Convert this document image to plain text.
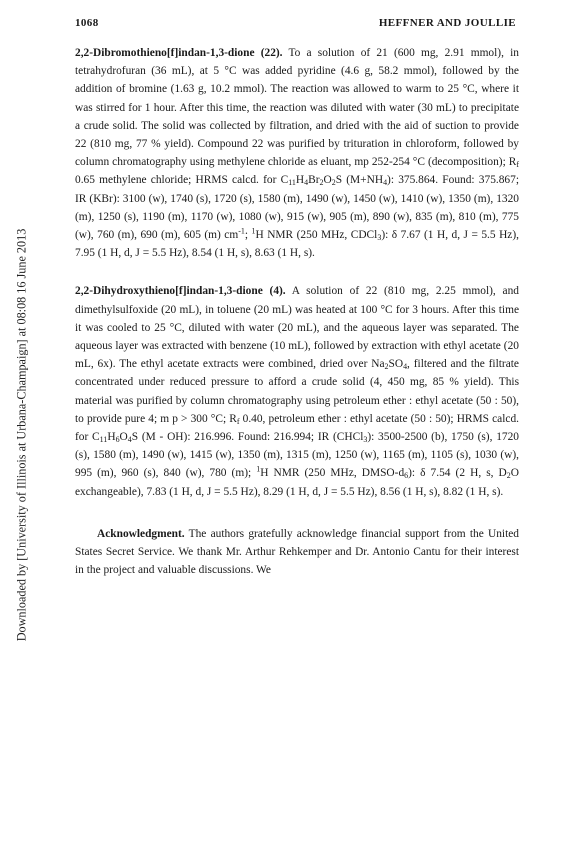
Downloaded by [University of Illinois at Urbana-Champaign] at 08:08 16 June 2013
1068	HEFFNER AND JOULLIE

2,2-Dibromothieno[f]indan-1,3-dione (22). To a solution of 21 (600 mg, 2.91 mmol), in tetrahydrofuran (36 mL), at 5 °C was added pyridine (4.6 g, 58.2 mmol), followed by the addition of bromine (1.63 g, 10.2 mmol). The reaction was allowed to warm to 25 °C, where it was stirred for 1 hour. After this time, the reaction was diluted with water (30 mL) to precipitate a crude solid. The solid was collected by filtration, and dried with the aid of suction to provide 22 (810 mg, 77 % yield). Compound 22 was purified by trituration in chloroform, followed by column chromatography using methylene chloride as eluant, mp 252-254 °C (decomposition); $R_f$ 0.65 methylene chloride; HRMS calcd. for $C_{11}H_4Br_2O_2S$ $(M+NH_4)$: 375.864. Found: 375.867; IR (KBr): 3100 (w), 1740 (s), 1720 (s), 1580 (m), 1490 (w), 1450 (w), 1410 (w), 1350 (m), 1320 (m), 1250 (s), 1190 (m), 1170 (w), 1080 (w), 915 (w), 905 (m), 890 (w), 835 (m), 810 (m), 775 (w), 760 (m), 690 (m), 605 (m) $cm^{-1}$; $^1$H NMR (250 MHz, CDCl$_3$): δ 7.67 (1 H, d, J = 5.5 Hz), 7.95 (1 H, d, J = 5.5 Hz), 8.54 (1 H, s), 8.63 (1 H, s).

2,2-Dihydroxythieno[f]indan-1,3-dione (4). A solution of 22 (810 mg, 2.25 mmol), and dimethylsulfoxide (20 mL), in toluene (20 mL) was heated at 100 °C for 3 hours. After this time it was cooled to 25 °C, diluted with water (20 mL), and the aqueous layer was separated. The aqueous layer was extracted with benzene (10 mL), followed by extraction with ethyl acetate (20 mL, 6x). The ethyl acetate extracts were combined, dried over $Na_2SO_4$, filtered and the filtrate concentrated under reduced pressure to afford a crude solid (4, 450 mg, 85 % yield). This material was purified by column chromatography using petroleum ether : ethyl acetate (50 : 50), to provide pure 4; m p > 300 °C; $R_f$ 0.40, petroleum ether : ethyl acetate (50 : 50); HRMS calcd. for $C_{11}H_6O_4S$ (M - OH): 216.996. Found: 216.994; IR (CHCl$_3$): 3500-2500 (b), 1750 (s), 1720 (s), 1580 (m), 1490 (w), 1415 (w), 1350 (m), 1315 (m), 1250 (w), 1165 (m), 1105 (s), 1030 (w), 995 (m), 960 (s), 840 (w), 780 (m); $^1$H NMR (250 MHz, DMSO-$d_6$): δ 7.54 (2 H, s, $D_2O$ exchangeable), 7.83 (1 H, d, J = 5.5 Hz), 8.29 (1 H, d, J = 5.5 Hz), 8.56 (1 H, s), 8.82 (1 H, s).

Acknowledgment. The authors gratefully acknowledge financial support from the United States Secret Service. We thank Mr. Arthur Rehkemper and Dr. Antonio Cantu for their interest in the project and valuable discussions. We
